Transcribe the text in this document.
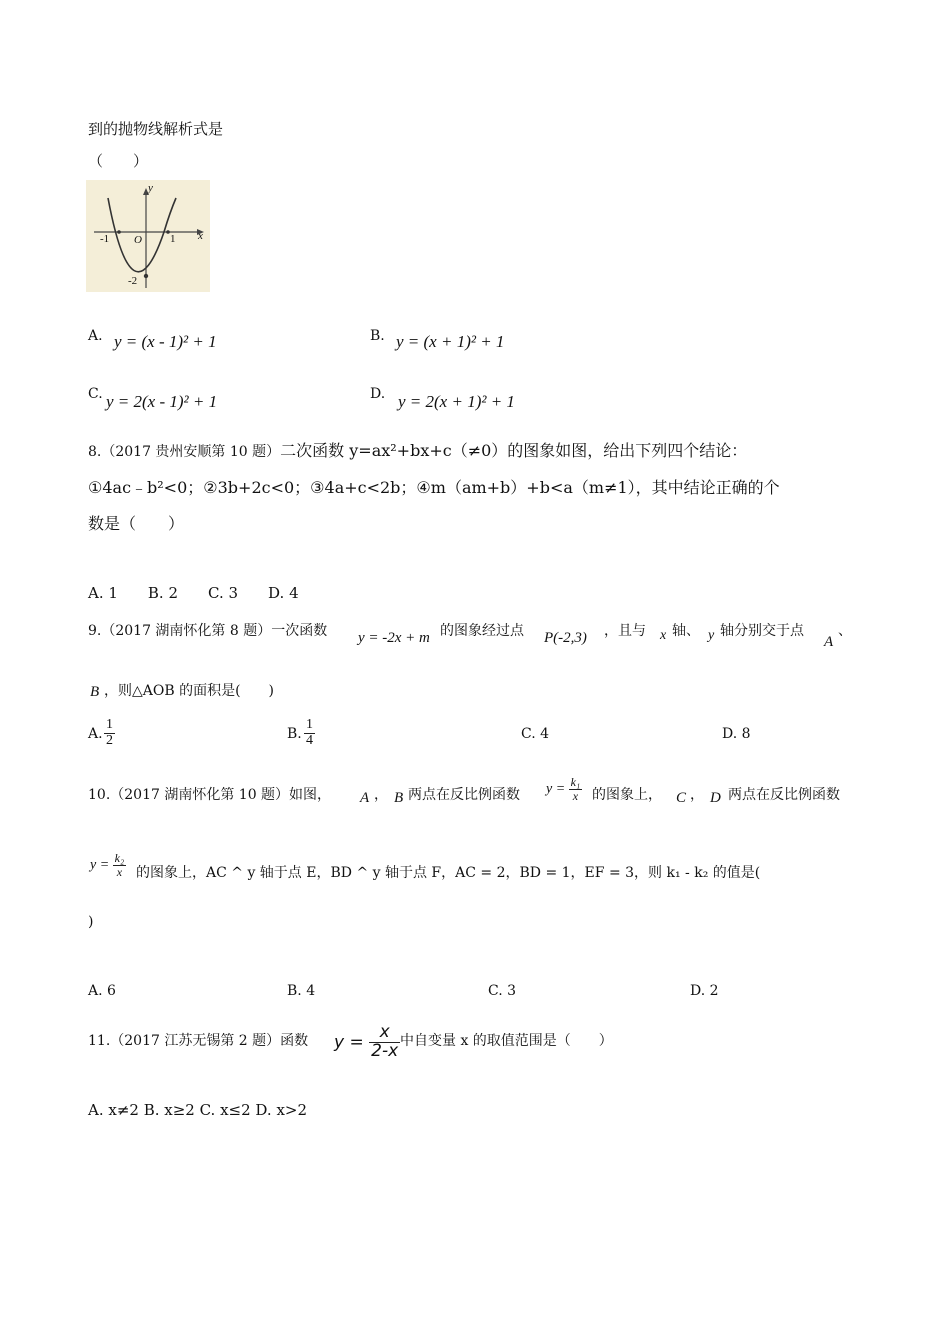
到的抛物线解析式是
（　　）
y
x
O
-1	1
-2
A. y = (x - 1)² + 1	B. y = (x + 1)² + 1
C. y = 2(x - 1)² + 1	D. y = 2(x + 1)² + 1
8.（2017 贵州安顺第 10 题）二次函数 y=ax²+bx+c（≠0）的图象如图，给出下列四个结论：
①4ac﹣b²<0；②3b+2c<0；③4a+c<2b；④m（am+b）+b<a（m≠1），其中结论正确的个
数是（　　）
A. 1　　B. 2　　C. 3　　D. 4
9.（2017 湖南怀化第 8 题）一次函数 y = -2x + m 的图象经过点 P(-2,3) ，且与 x 轴、 y 轴分别交于点
A
、
B ，则△AOB 的面积是(　　)
A. $\frac{1}{2}$	B. $\frac{1}{4}$	C. 4	D. 8
10.（2017 湖南怀化第 10 题）如图， A ， B 两点在反比例函数 $y = \frac{\text{k₁}}{x}$ 的图象上， C ， D 两点在反比例函数
$y = \frac{\text{k₂}}{x}$ 的图象上，AC ^ y 轴于点 E，BD ^ y 轴于点 F，AC = 2，BD = 1，EF = 3，则 k₁ - k₂ 的值是(
)
A. 6	B. 4	C. 3	D. 2
11.（2017 江苏无锡第 2 题）函数 $y = \frac{x}{2-x}$ 中自变量 x 的取值范围是（　　）
A. x≠2 B. x≥2 C. x≤2 D. x>2
